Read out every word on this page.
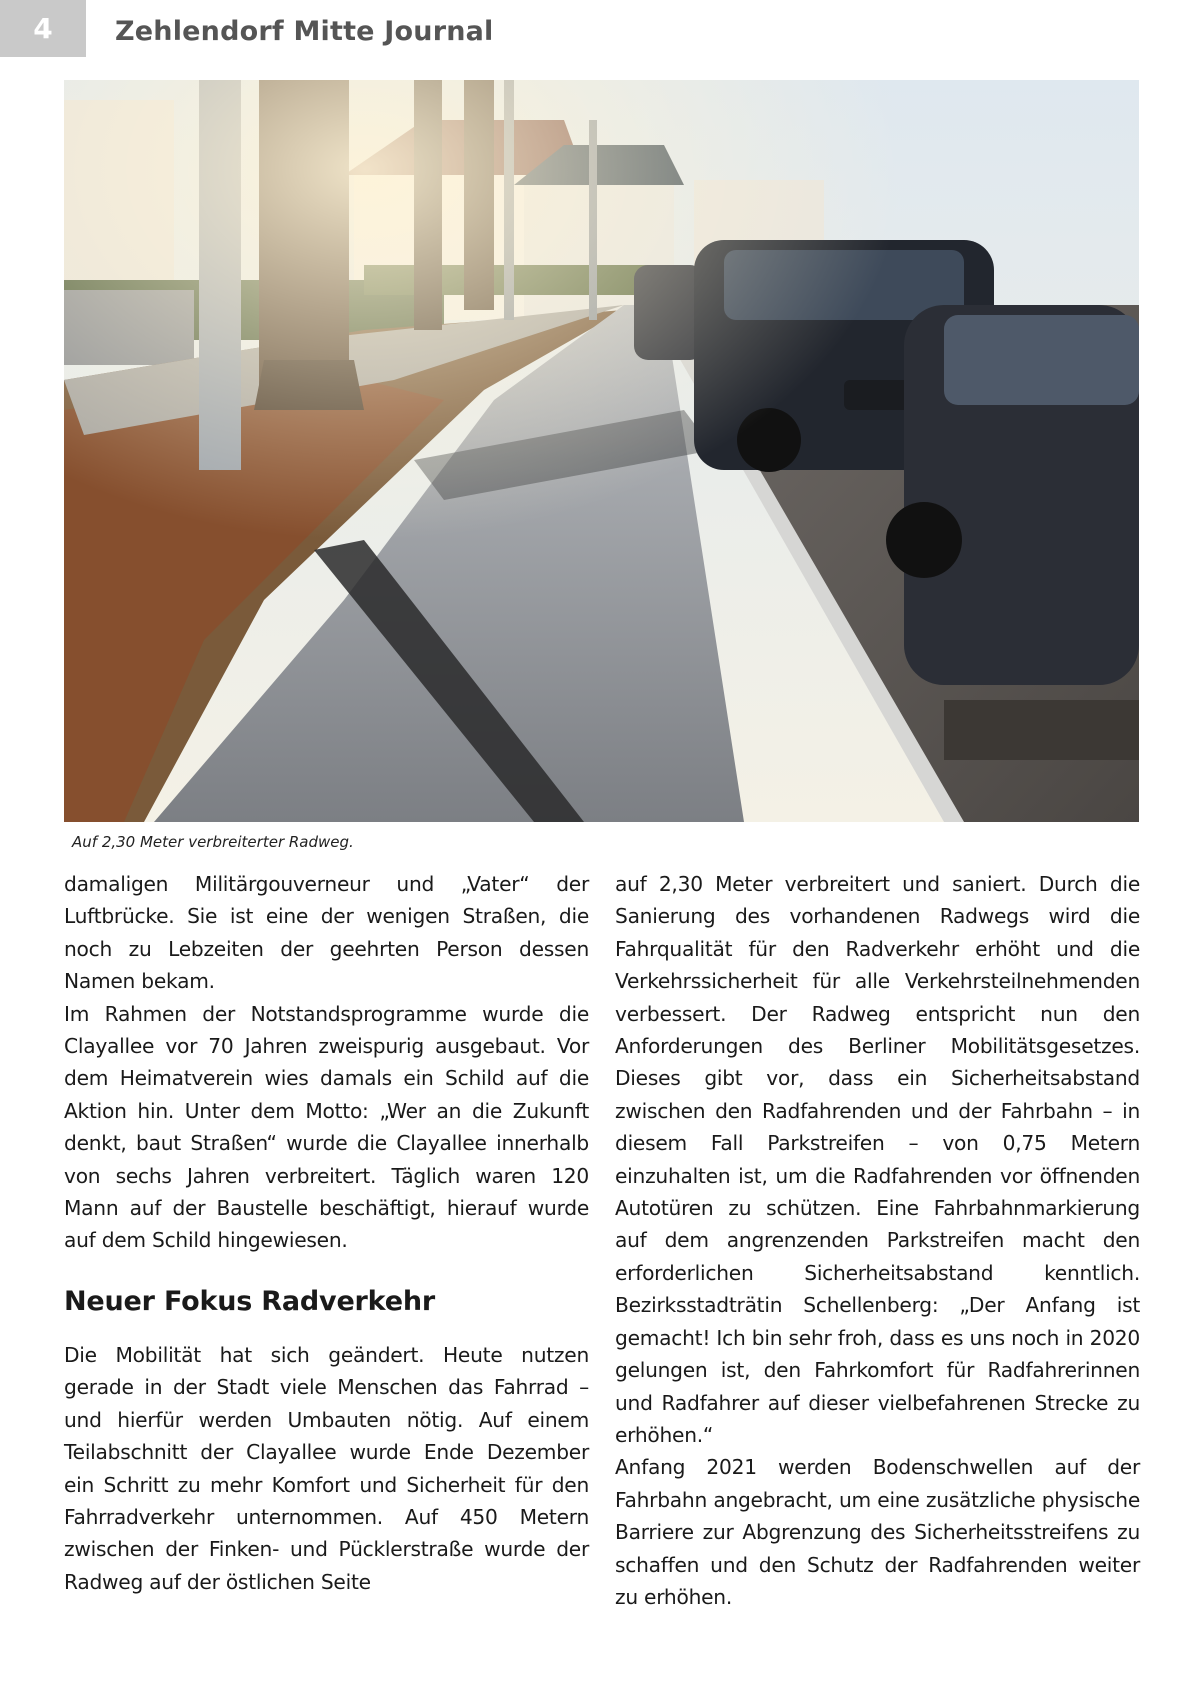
4 Zehlendorf Mitte Journal
Auf 2,30 Meter verbreiterter Radweg.

damaligen Militärgouverneur und „Vater“ der Luftbrücke. Sie ist eine der wenigen Straßen, die noch zu Lebzeiten der geehrten Person dessen Namen bekam.

Im Rahmen der Notstandsprogramme wurde die Clayallee vor 70 Jahren zweispurig ausgebaut. Vor dem Heimatverein wies damals ein Schild auf die Aktion hin. Unter dem Motto: „Wer an die Zukunft denkt, baut Straßen“ wurde die Clayallee innerhalb von sechs Jahren verbreitert. Täglich waren 120 Mann auf der Baustelle beschäftigt, hierauf wurde auf dem Schild hingewiesen.

Neuer Fokus Radverkehr

Die Mobilität hat sich geändert. Heute nutzen gerade in der Stadt viele Menschen das Fahrrad – und hierfür werden Umbauten nötig. Auf einem Teilabschnitt der Clayallee wurde Ende Dezember ein Schritt zu mehr Komfort und Sicherheit für den Fahrradverkehr unternommen. Auf 450 Metern zwischen der Finken- und Pücklerstraße wurde der Radweg auf der östlichen Seite

auf 2,30 Meter verbreitert und saniert. Durch die Sanierung des vorhandenen Radwegs wird die Fahrqualität für den Radverkehr erhöht und die Verkehrssicherheit für alle Verkehrsteilnehmenden verbessert. Der Radweg entspricht nun den Anforderungen des Berliner Mobilitätsgesetzes. Dieses gibt vor, dass ein Sicherheitsabstand zwischen den Radfahrenden und der Fahrbahn – in diesem Fall Parkstreifen – von 0,75 Metern einzuhalten ist, um die Radfahrenden vor öffnenden Autotüren zu schützen. Eine Fahrbahnmarkierung auf dem angrenzenden Parkstreifen macht den erforderlichen Sicherheitsabstand kenntlich. Bezirksstadträtin Schellenberg: „Der Anfang ist gemacht! Ich bin sehr froh, dass es uns noch in 2020 gelungen ist, den Fahrkomfort für Radfahrerinnen und Radfahrer auf dieser vielbefahrenen Strecke zu erhöhen.“

Anfang 2021 werden Bodenschwellen auf der Fahrbahn angebracht, um eine zusätzliche physische Barriere zur Abgrenzung des Sicherheitsstreifens zu schaffen und den Schutz der Radfahrenden weiter zu erhöhen.
